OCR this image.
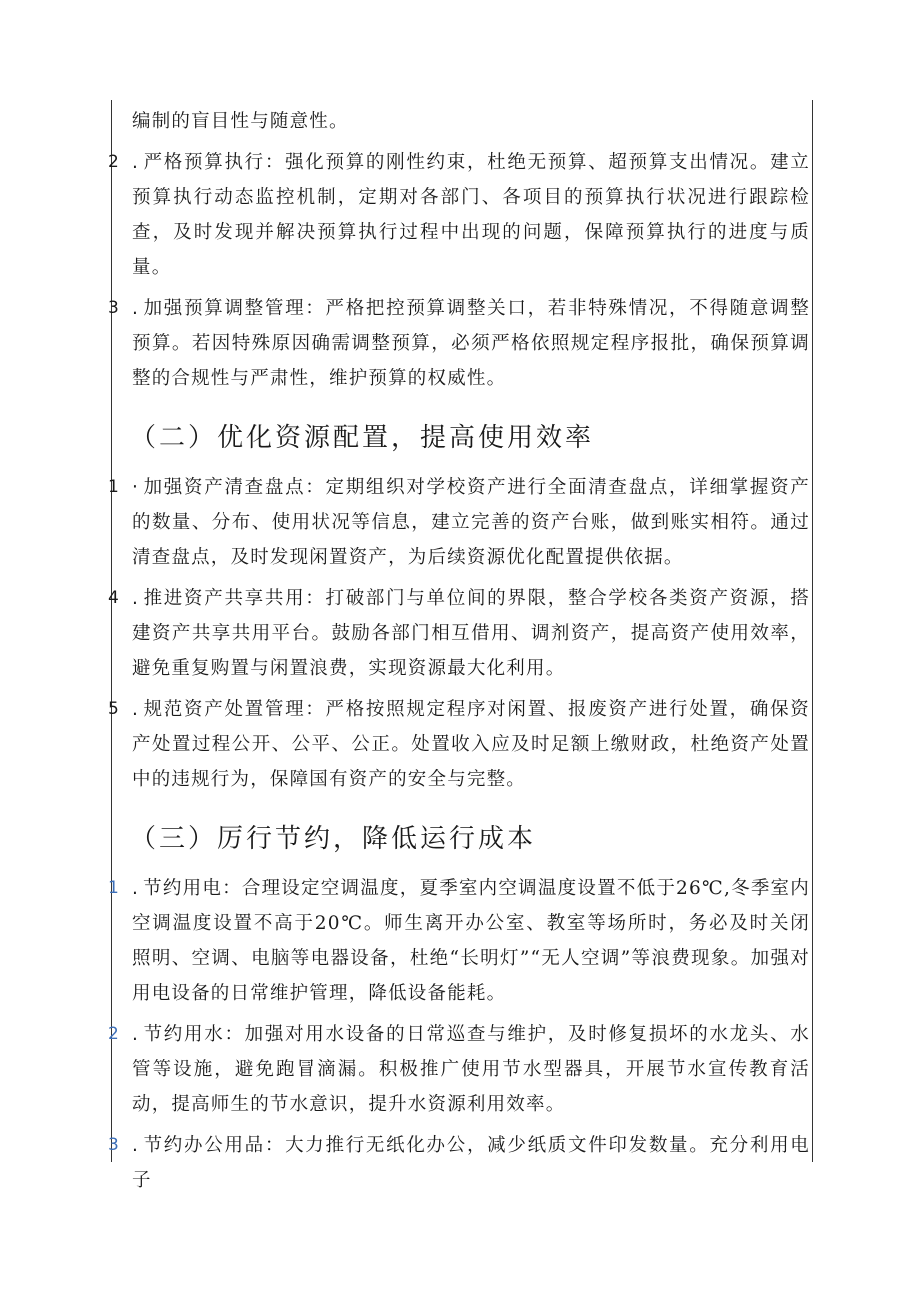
编制的盲目性与随意性。
2 . 严格预算执行：强化预算的刚性约束，杜绝无预算、超预算支出情况。建立预算执行动态监控机制，定期对各部门、各项目的预算执行状况进行跟踪检查，及时发现并解决预算执行过程中出现的问题，保障预算执行的进度与质量。
3 . 加强预算调整管理：严格把控预算调整关口，若非特殊情况，不得随意调整预算。若因特殊原因确需调整预算，必须严格依照规定程序报批，确保预算调整的合规性与严肃性，维护预算的权威性。
（二）优化资源配置，提高使用效率
1 · 加强资产清查盘点：定期组织对学校资产进行全面清查盘点，详细掌握资产的数量、分布、使用状况等信息，建立完善的资产台账，做到账实相符。通过清查盘点，及时发现闲置资产，为后续资源优化配置提供依据。
4 . 推进资产共享共用：打破部门与单位间的界限，整合学校各类资产资源，搭建资产共享共用平台。鼓励各部门相互借用、调剂资产，提高资产使用效率，避免重复购置与闲置浪费，实现资源最大化利用。
5 . 规范资产处置管理：严格按照规定程序对闲置、报废资产进行处置，确保资产处置过程公开、公平、公正。处置收入应及时足额上缴财政，杜绝资产处置中的违规行为，保障国有资产的安全与完整。
（三）厉行节约，降低运行成本
1 . 节约用电：合理设定空调温度，夏季室内空调温度设置不低于26℃,冬季室内空调温度设置不高于20℃。师生离开办公室、教室等场所时，务必及时关闭照明、空调、电脑等电器设备，杜绝“长明灯”“无人空调”等浪费现象。加强对用电设备的日常维护管理，降低设备能耗。
2 . 节约用水：加强对用水设备的日常巡查与维护，及时修复损坏的水龙头、水管等设施，避免跑冒滴漏。积极推广使用节水型器具，开展节水宣传教育活动，提高师生的节水意识，提升水资源利用效率。
3 . 节约办公用品：大力推行无纸化办公，减少纸质文件印发数量。充分利用电子
